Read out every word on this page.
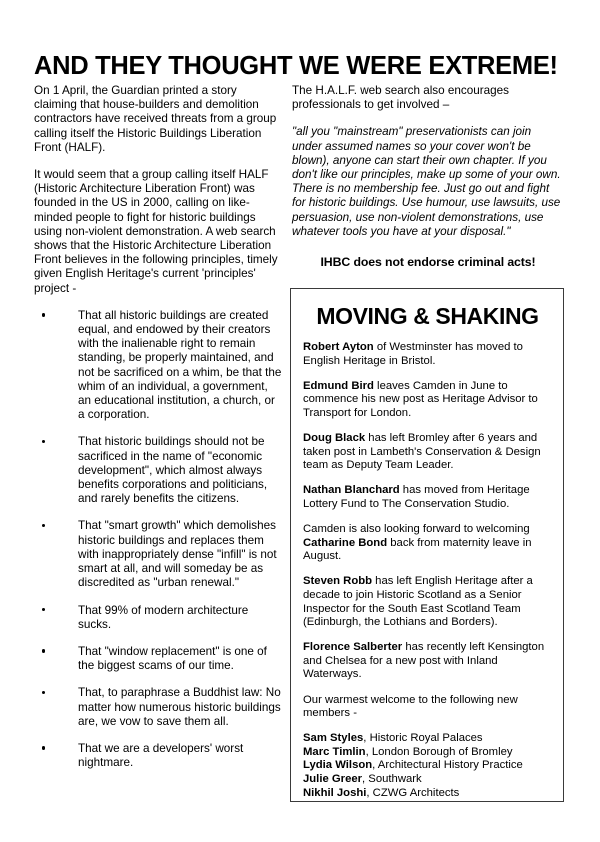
AND THEY THOUGHT WE WERE EXTREME!

On 1 April, the Guardian printed a story claiming that house-builders and demolition contractors have received threats from a group calling itself the Historic Buildings Liberation Front (HALF).

It would seem that a group calling itself HALF (Historic Architecture Liberation Front) was founded in the US in 2000, calling on like-minded people to fight for historic buildings using non-violent demonstration. A web search shows that the Historic Architecture Liberation Front believes in the following principles, timely given English Heritage's current 'principles' project -

That all historic buildings are created equal, and endowed by their creators with the inalienable right to remain standing, be properly maintained, and not be sacrificed on a whim, be that the whim of an individual, a government, an educational institution, a church, or a corporation.
That historic buildings should not be sacrificed in the name of "economic development", which almost always benefits corporations and politicians, and rarely benefits the citizens.
That "smart growth" which demolishes historic buildings and replaces them with inappropriately dense "infill" is not smart at all, and will someday be as discredited as "urban renewal."
That 99% of modern architecture sucks.
That "window replacement" is one of the biggest scams of our time.
That, to paraphrase a Buddhist law: No matter how numerous historic buildings are, we vow to save them all.
That we are a developers' worst nightmare.

The H.A.L.F. web search also encourages professionals to get involved –

"all you "mainstream" preservationists can join under assumed names so your cover won't be blown), anyone can start their own chapter. If you don't like our principles, make up some of your own. There is no membership fee. Just go out and fight for historic buildings. Use humour, use lawsuits, use persuasion, use non-violent demonstrations, use whatever tools you have at your disposal."

IHBC does not endorse criminal acts!

MOVING & SHAKING

Robert Ayton of Westminster has moved to English Heritage in Bristol.

Edmund Bird leaves Camden in June to commence his new post as Heritage Advisor to Transport for London.

Doug Black has left Bromley after 6 years and taken post in Lambeth's Conservation & Design team as Deputy Team Leader.

Nathan Blanchard has moved from Heritage Lottery Fund to The Conservation Studio.

Camden is also looking forward to welcoming Catharine Bond back from maternity leave in August.

Steven Robb has left English Heritage after a decade to join Historic Scotland as a Senior Inspector for the South East Scotland Team (Edinburgh, the Lothians and Borders).

Florence Salberter has recently left Kensington and Chelsea for a new post with Inland Waterways.

Our warmest welcome to the following new members -

Sam Styles, Historic Royal Palaces
Marc Timlin, London Borough of Bromley
Lydia Wilson, Architectural History Practice
Julie Greer, Southwark
Nikhil Joshi, CZWG Architects
